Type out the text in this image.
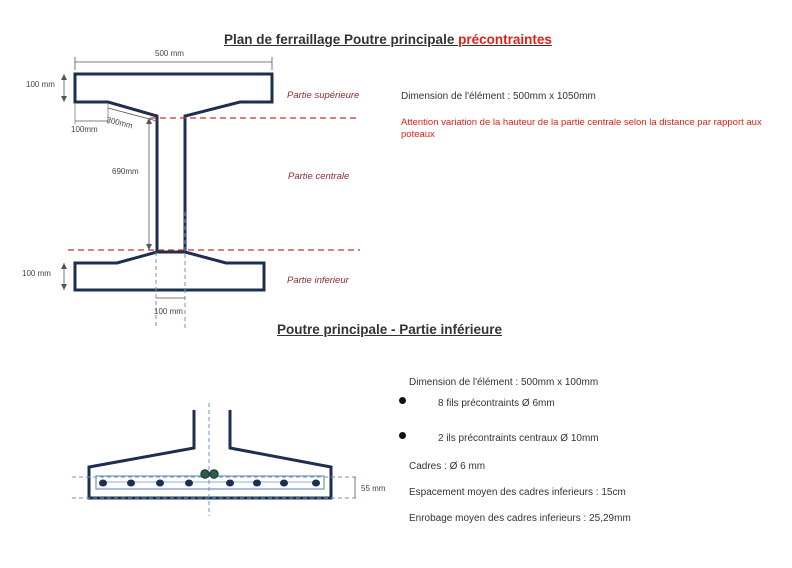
Plan de ferraillage Poutre principale précontraintes
Poutre principale - Partie inférieure
500 mm
100 mm
300mm
100mm
690mm
100 mm
100 mm
Partie supérieure
Partie centrale
Partie inferieur
55 mm
Dimension de l'élément : 500mm x 1050mm
Attention variation de la hauteur de la partie centrale selon la distance par rapport aux poteaux
Dimension de l'élément : 500mm x 100mm
8 fils précontraints Ø 6mm
2 ils précontraints centraux Ø 10mm
Cadres : Ø 6 mm
Espacement moyen des cadres inferieurs : 15cm
Enrobage moyen des cadres inferieurs : 25,29mm
